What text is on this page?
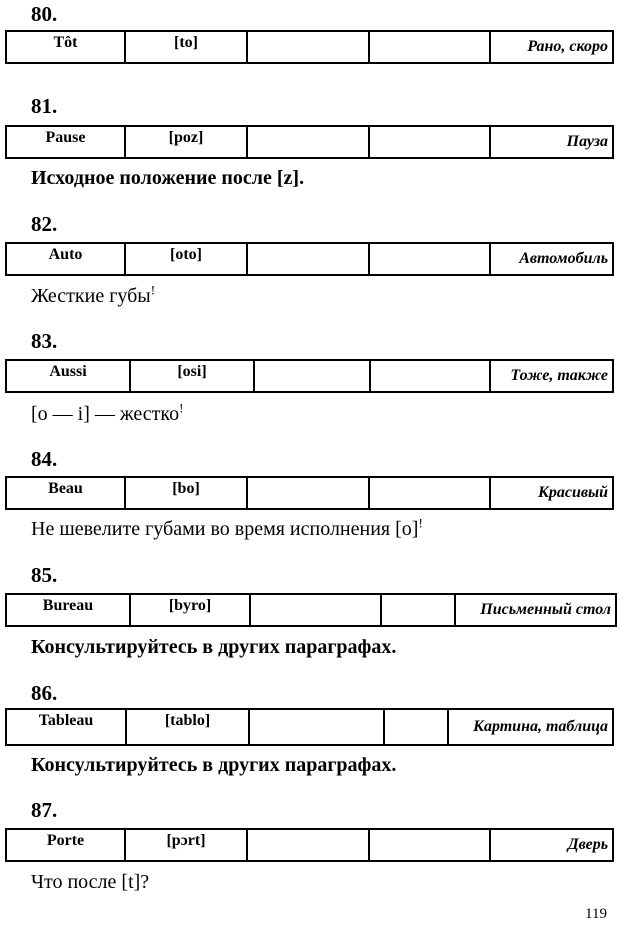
80.
Tôt	[to]			Рано, скоро
81.
Pause	[poz]			Пауза
Исходное положение после [z].
82.
Auto	[oto]			Автомобиль
Жесткие губы!
83.
Aussi	[osi]			Тоже, также
[o — i] — жестко!
84.
Beau	[bo]			Красивый
Не шевелите губами во время исполнения [o]!
85.
Bureau	[byro]			Письменный стол
Консультируйтесь в других параграфах.
86.
Tableau	[tablo]			Картина, таблица
Консультируйтесь в других параграфах.
87.
Porte	[pɔrt]			Дверь
Что после [t]?
119
